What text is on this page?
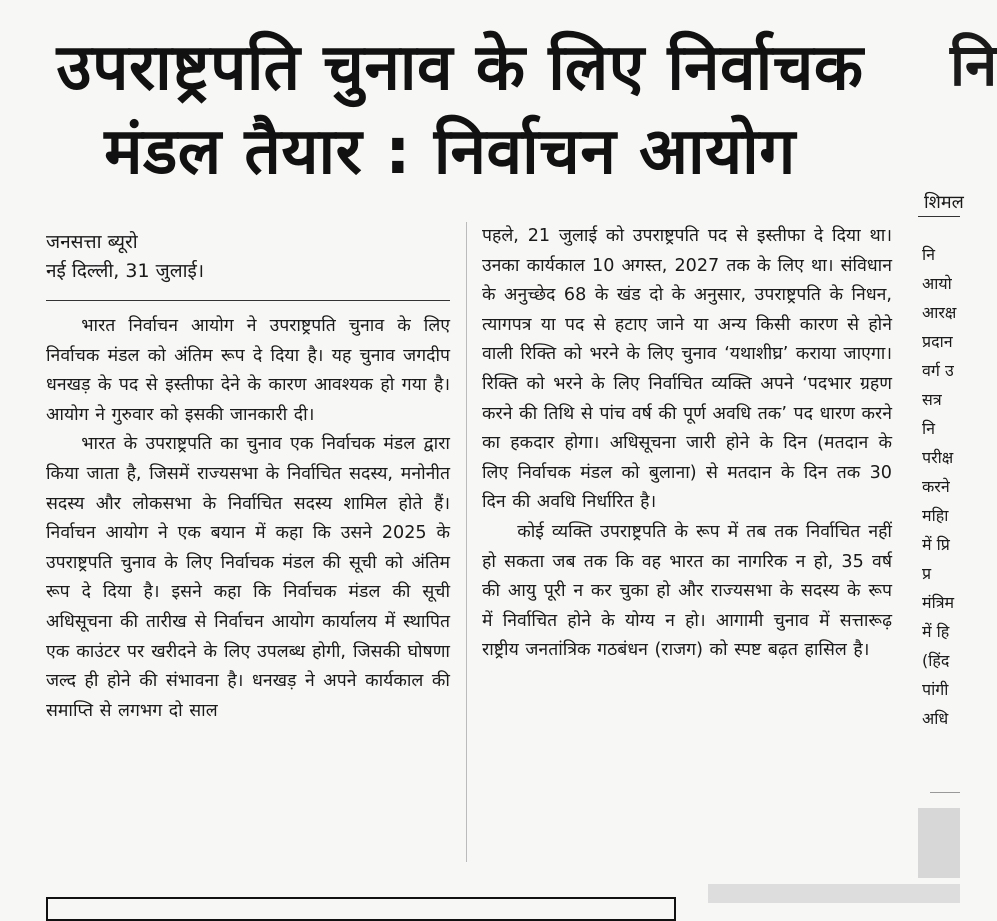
उपराष्ट्रपति चुनाव के लिए निर्वाचक
मंडल तैयार : निर्वाचन आयोग
जनसत्ता ब्यूरो
नई दिल्ली, 31 जुलाई।

भारत निर्वाचन आयोग ने उपराष्ट्रपति चुनाव के लिए निर्वाचक मंडल को अंतिम रूप दे दिया है। यह चुनाव जगदीप धनखड़ के पद से इस्तीफा देने के कारण आवश्यक हो गया है। आयोग ने गुरुवार को इसकी जानकारी दी।

भारत के उपराष्ट्रपति का चुनाव एक निर्वाचक मंडल द्वारा किया जाता है, जिसमें राज्यसभा के निर्वाचित सदस्य, मनोनीत सदस्य और लोकसभा के निर्वाचित सदस्य शामिल होते हैं। निर्वाचन आयोग ने एक बयान में कहा कि उसने 2025 के उपराष्ट्रपति चुनाव के लिए निर्वाचक मंडल की सूची को अंतिम रूप दे दिया है। इसने कहा कि निर्वाचक मंडल की सूची अधिसूचना की तारीख से निर्वाचन आयोग कार्यालय में स्थापित एक काउंटर पर खरीदने के लिए उपलब्ध होगी, जिसकी घोषणा जल्द ही होने की संभावना है। धनखड़ ने अपने कार्यकाल की समाप्ति से लगभग दो साल

पहले, 21 जुलाई को उपराष्ट्रपति पद से इस्तीफा दे दिया था। उनका कार्यकाल 10 अगस्त, 2027 तक के लिए था। संविधान के अनुच्छेद 68 के खंड दो के अनुसार, उपराष्ट्रपति के निधन, त्यागपत्र या पद से हटाए जाने या अन्य किसी कारण से होने वाली रिक्ति को भरने के लिए चुनाव ‘यथाशीघ्र’ कराया जाएगा। रिक्ति को भरने के लिए निर्वाचित व्यक्ति अपने ‘पदभार ग्रहण करने की तिथि से पांच वर्ष की पूर्ण अवधि तक’ पद धारण करने का हकदार होगा। अधिसूचना जारी होने के दिन (मतदान के लिए निर्वाचक मंडल को बुलाना) से मतदान के दिन तक 30 दिन की अवधि निर्धारित है।

कोई व्यक्ति उपराष्ट्रपति के रूप में तब तक निर्वाचित नहीं हो सकता जब तक कि वह भारत का नागरिक न हो, 35 वर्ष की आयु पूरी न कर चुका हो और राज्यसभा के सदस्य के रूप में निर्वाचित होने के योग्य न हो। आगामी चुनाव में सत्तारूढ़ राष्ट्रीय जनतांत्रिक गठबंधन (राजग) को स्पष्ट बढ़त हासिल है।

नि
शिमल
नि
आयो
आरक्ष
प्रदान
वर्ग उ
सत्र
नि
परीक्ष
करने
महाि
में प्रि
प्र
मंत्रिम
में हि
(हिंद
पांगी
अधि
